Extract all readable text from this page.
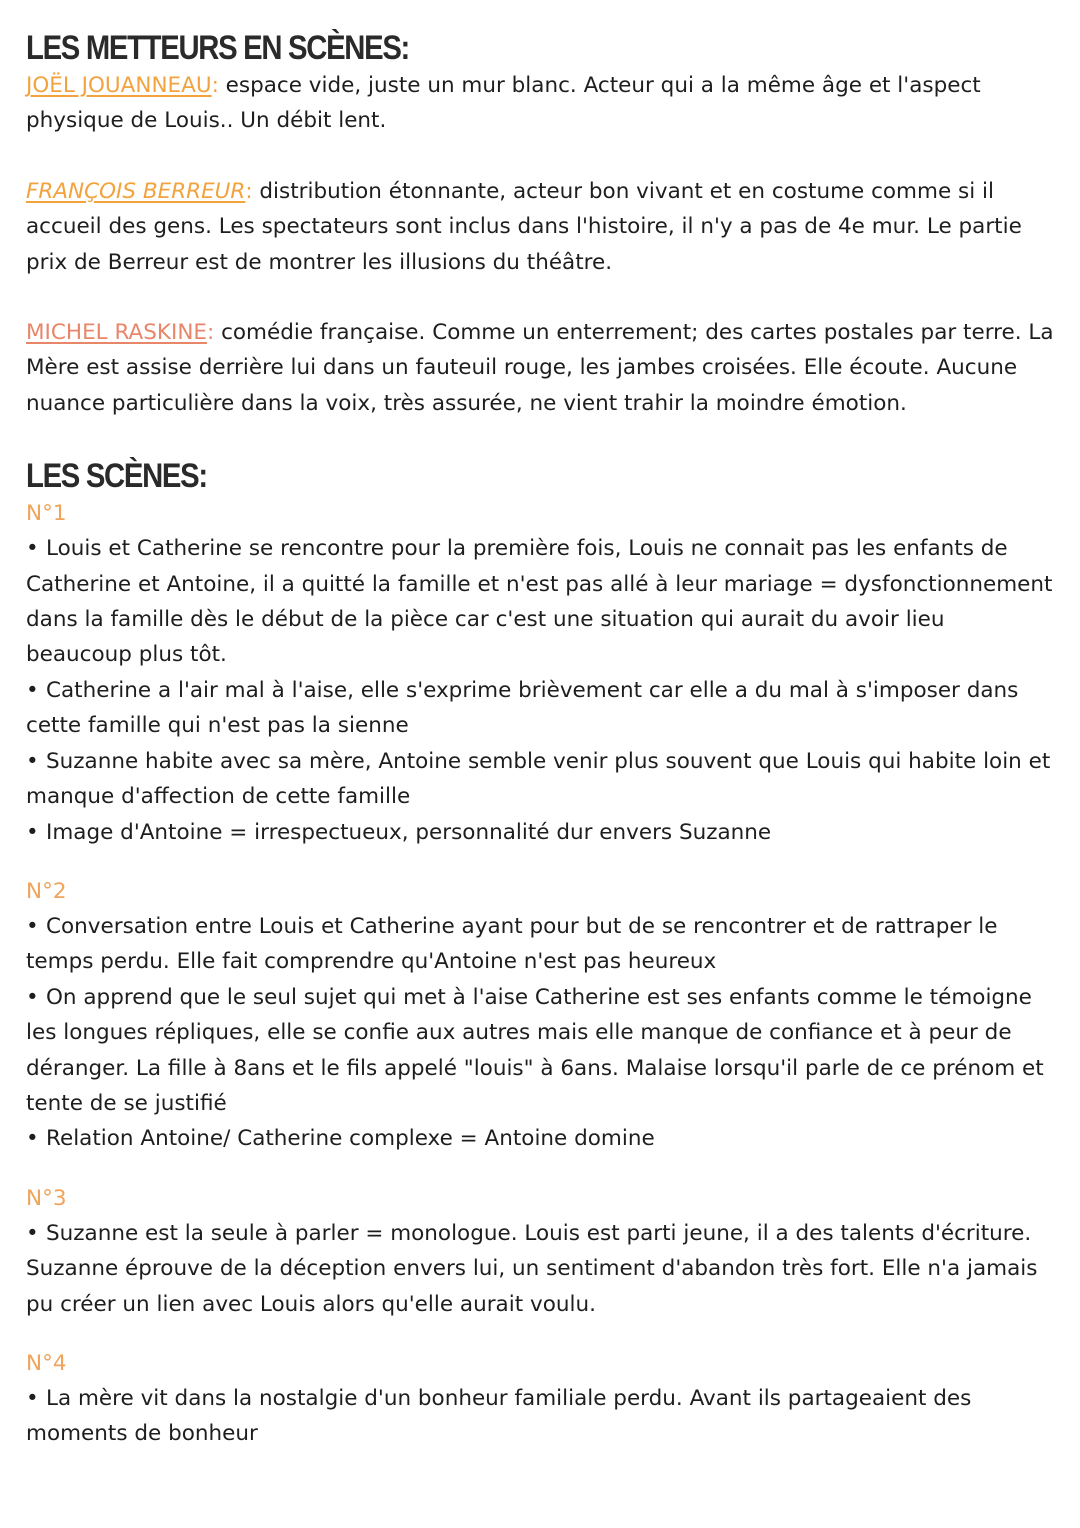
LES METTEURS EN SCÈNES:

JOËL JOUANNEAU: espace vide, juste un mur blanc. Acteur qui a la même âge et l'aspect physique de Louis.. Un débit lent.

FRANÇOIS BERREUR: distribution étonnante, acteur bon vivant et en costume comme si il accueil des gens. Les spectateurs sont inclus dans l'histoire, il n'y a pas de 4e mur. Le partie prix de Berreur est de montrer les illusions du théâtre.

MICHEL RASKINE: comédie française. Comme un enterrement; des cartes postales par terre. La Mère est assise derrière lui dans un fauteuil rouge, les jambes croisées. Elle écoute. Aucune nuance particulière dans la voix, très assurée, ne vient trahir la moindre émotion.

LES SCÈNES:

N°1

• Louis et Catherine se rencontre pour la première fois, Louis ne connait pas les enfants de Catherine et Antoine, il a quitté la famille et n'est pas allé à leur mariage = dysfonctionnement dans la famille dès le début de la pièce car c'est une situation qui aurait du avoir lieu beaucoup plus tôt.

• Catherine a l'air mal à l'aise, elle s'exprime brièvement car elle a du mal à s'imposer dans cette famille qui n'est pas la sienne

• Suzanne habite avec sa mère, Antoine semble venir plus souvent que Louis qui habite loin et manque d'affection de cette famille

• Image d'Antoine = irrespectueux, personnalité dur envers Suzanne

N°2

• Conversation entre Louis et Catherine ayant pour but de se rencontrer et de rattraper le temps perdu. Elle fait comprendre qu'Antoine n'est pas heureux

• On apprend que le seul sujet qui met à l'aise Catherine est ses enfants comme le témoigne les longues répliques, elle se confie aux autres mais elle manque de confiance et à peur de déranger. La fille à 8ans et le fils appelé "louis" à 6ans. Malaise lorsqu'il parle de ce prénom et tente de se justifié

• Relation Antoine/ Catherine complexe = Antoine domine

N°3

• Suzanne est la seule à parler = monologue. Louis est parti jeune, il a des talents d'écriture. Suzanne éprouve de la déception envers lui, un sentiment d'abandon très fort. Elle n'a jamais pu créer un lien avec Louis alors qu'elle aurait voulu.

N°4

• La mère vit dans la nostalgie d'un bonheur familiale perdu. Avant ils partageaient des moments de bonheur
